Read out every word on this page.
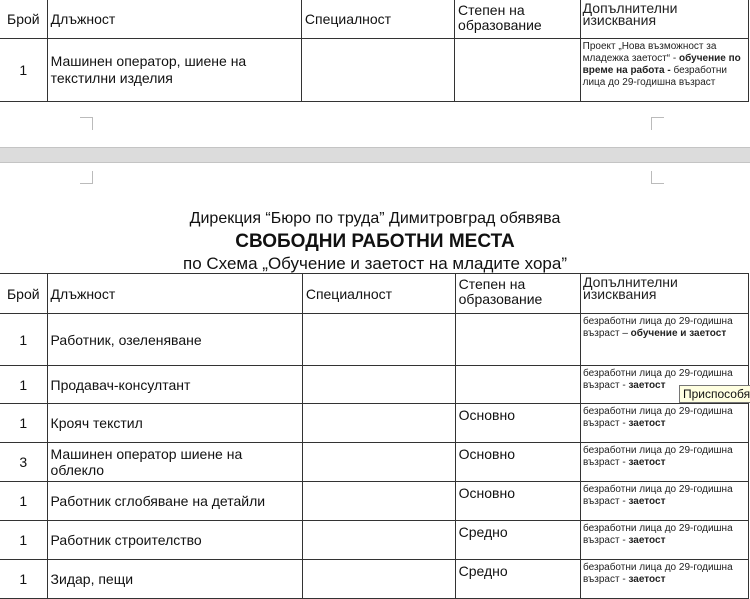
Брой	Длъжност	Специалност	Степен на образование	Допълнителни изисквания
1	Машинен оператор, шиене на текстилни изделия			Проект „Нова възможност за младежка заетост“ - обучение по време на работа - безработни лица до 29-годишна възраст
Дирекция “Бюро по труда” Димитровград обявява
СВОБОДНИ РАБОТНИ МЕСТА
по Схема „Обучение и заетост на младите хора”
Брой	Длъжност	Специалност	Степен на образование	Допълнителни изисквания
1	Работник, озеленяване			безработни лица до 29-годишна възраст – обучение и заетост
1	Продавач-консултант			безработни лица до 29-годишна възраст - заетост
1	Крояч текстил		Основно	безработни лица до 29-годишна възраст - заетост
3	Машинен оператор шиене на облекло		Основно	безработни лица до 29-годишна възраст - заетост
1	Работник сглобяване на детайли		Основно	безработни лица до 29-годишна възраст - заетост
1	Работник строителство		Средно	безработни лица до 29-годишна възраст - заетост
1	Зидар, пещи		Средно	безработни лица до 29-годишна възраст - заетост
Приспособя
